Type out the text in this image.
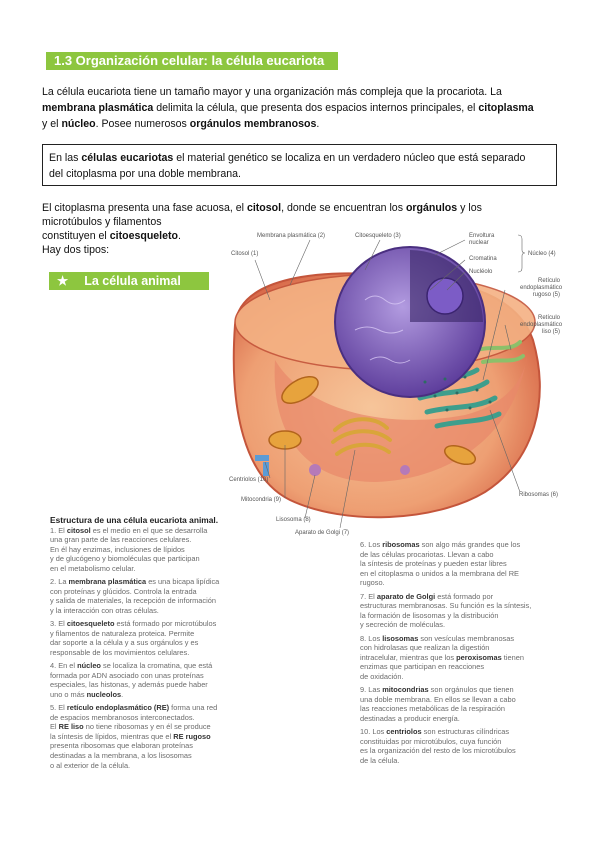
1.3 Organización celular: la célula eucariota
La célula eucariota tiene un tamaño mayor y una organización más compleja que la procariota. La
membrana plasmática delimita la célula, que presenta dos espacios internos principales, el citoplasma
y el núcleo. Posee numerosos orgánulos membranosos.
En las células eucariotas el material genético se localiza en un verdadero núcleo que está separado
del citoplasma por una doble membrana.
El citoplasma presenta una fase acuosa, el citosol, donde se encuentran los orgánulos y los
microtúbulos y filamentos
constituyen el citoesqueleto.
Hay dos tipos:
★ La célula animal
Membrana plasmática (2)	Citoesqueleto (3)
Citosol (1)
Envoltura
nuclear
Cromatina
Nucléolo
Núcleo (4)
Retículo
endoplasmático
rugoso (5)
Retículo
endoplasmático
liso (5)
Centriolos (10)
Mitocondria (9)
Lisosoma (8)
Aparato de Golgi (7)
Ribosomas (6)
Estructura de una célula eucariota animal.

1. El citosol es el medio en el que se desarrolla
una gran parte de las reacciones celulares.
En él hay enzimas, inclusiones de lípidos
y de glucógeno y biomoléculas que participan
en el metabolismo celular.

2. La membrana plasmática es una bicapa lipídica
con proteínas y glúcidos. Controla la entrada
y salida de materiales, la recepción de información
y la interacción con otras células.

3. El citoesqueleto está formado por microtúbulos
y filamentos de naturaleza proteica. Permite
dar soporte a la célula y a sus orgánulos y es
responsable de los movimientos celulares.

4. En el núcleo se localiza la cromatina, que está
formada por ADN asociado con unas proteínas
especiales, las histonas, y además puede haber
uno o más nucleolos.

5. El retículo endoplasmático (RE) forma una red
de espacios membranosos interconectados.
El RE liso no tiene ribosomas y en él se produce
la síntesis de lípidos, mientras que el RE rugoso
presenta ribosomas que elaboran proteínas
destinadas a la membrana, a los lisosomas
o al exterior de la célula.

6. Los ribosomas son algo más grandes que los
de las células procariotas. Llevan a cabo
la síntesis de proteínas y pueden estar libres
en el citoplasma o unidos a la membrana del RE
rugoso.

7. El aparato de Golgi está formado por
estructuras membranosas. Su función es la síntesis,
la formación de lisosomas y la distribución
y secreción de moléculas.

8. Los lisosomas son vesículas membranosas
con hidrolasas que realizan la digestión
intracelular, mientras que los peroxisomas tienen
enzimas que participan en reacciones
de oxidación.

9. Las mitocondrias son orgánulos que tienen
una doble membrana. En ellos se llevan a cabo
las reacciones metabólicas de la respiración
destinadas a producir energía.

10. Los centriolos son estructuras cilíndricas
constituidas por microtúbulos, cuya función
es la organización del resto de los microtúbulos
de la célula.
